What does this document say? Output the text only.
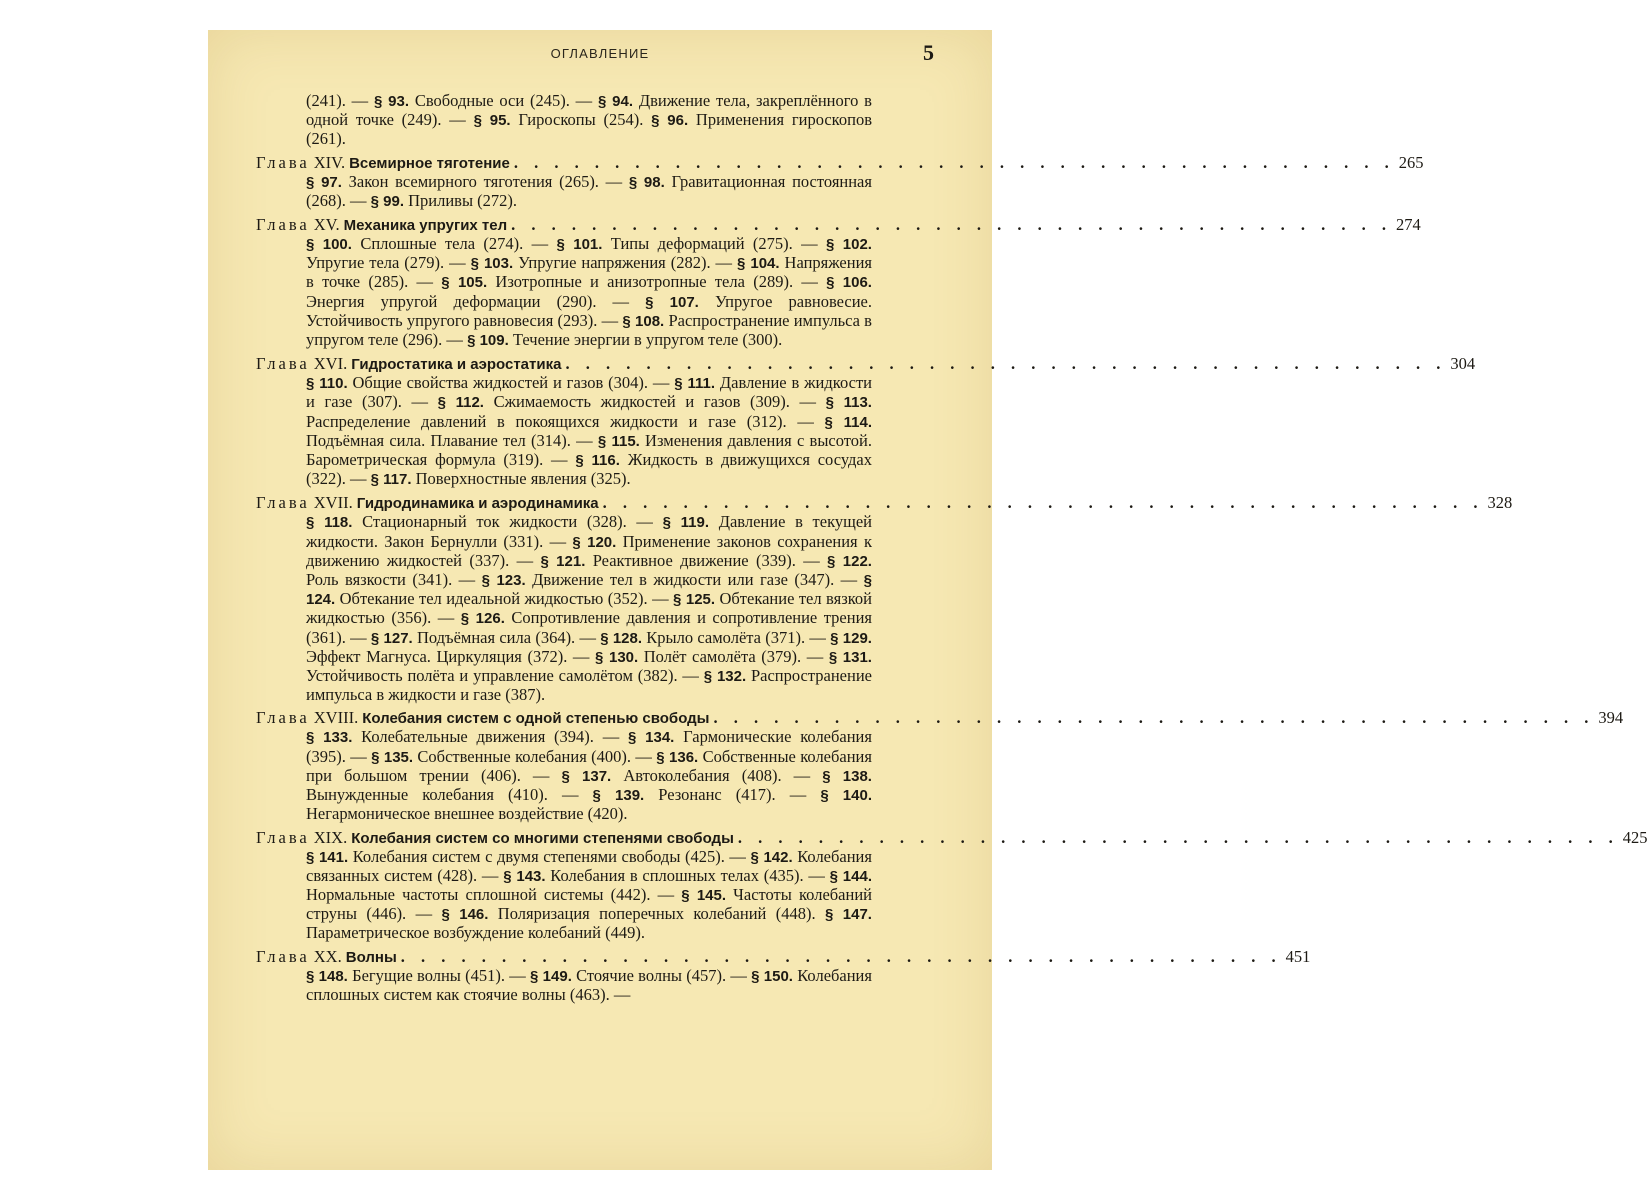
ОГЛАВЛЕНИЕ	5
(241). — § 93. Свободные оси (245). — § 94. Движение тела, закреплённого в одной точке (249). — § 95. Гироскопы (254). § 96. Применения гироскопов (261).
Глава XIV. Всемирное тяготение . . . . . . . . . . . . . . . . . . . . . . . . . . . . . . . . . . . . . . . . . . . . 265
§ 97. Закон всемирного тяготения (265). — § 98. Гравитационная постоянная (268). — § 99. Приливы (272).
Глава XV. Механика упругих тел . . . . . . . . . . . . . . . . . . . . . . . . . . . . . . . . . . . . . . . . . . . . 274
§ 100. Сплошные тела (274). — § 101. Типы деформаций (275). — § 102. Упругие тела (279). — § 103. Упругие напряжения (282). — § 104. Напряжения в точке (285). — § 105. Изотропные и анизотропные тела (289). — § 106. Энергия упругой деформации (290). — § 107. Упругое равновесие. Устойчивость упругого равновесия (293). — § 108. Распространение импульса в упругом теле (296). — § 109. Течение энергии в упругом теле (300).
Глава XVI. Гидростатика и аэростатика . . . . . . . . . . . . . . . . . . . . . . . . . . . . . . . . . . . . . . . . . . . . 304
§ 110. Общие свойства жидкостей и газов (304). — § 111. Давление в жидкости и газе (307). — § 112. Сжимаемость жидкостей и газов (309). — § 113. Распределение давлений в покоящихся жидкости и газе (312). — § 114. Подъёмная сила. Плавание тел (314). — § 115. Изменения давления с высотой. Барометрическая формула (319). — § 116. Жидкость в движущихся сосудах (322). — § 117. Поверхностные явления (325).
Глава XVII. Гидродинамика и аэродинамика . . . . . . . . . . . . . . . . . . . . . . . . . . . . . . . . . . . . . . . . . . . . 328
§ 118. Стационарный ток жидкости (328). — § 119. Давление в текущей жидкости. Закон Бернулли (331). — § 120. Применение законов сохранения к движению жидкостей (337). — § 121. Реактивное движение (339). — § 122. Роль вязкости (341). — § 123. Движение тел в жидкости или газе (347). — § 124. Обтекание тел идеальной жидкостью (352). — § 125. Обтекание тел вязкой жидкостью (356). — § 126. Сопротивление давления и сопротивление трения (361). — § 127. Подъёмная сила (364). — § 128. Крыло самолёта (371). — § 129. Эффект Магнуса. Циркуляция (372). — § 130. Полёт самолёта (379). — § 131. Устойчивость полёта и управление самолётом (382). — § 132. Распространение импульса в жидкости и газе (387).
Глава XVIII. Колебания систем с одной степенью свободы . . . . . . . . . . . . . . . . . . . . . . . . . . . . . . . . . . . . . . . . . . . . 394
§ 133. Колебательные движения (394). — § 134. Гармонические колебания (395). — § 135. Собственные колебания (400). — § 136. Собственные колебания при большом трении (406). — § 137. Автоколебания (408). — § 138. Вынужденные колебания (410). — § 139. Резонанс (417). — § 140. Негармоническое внешнее воздействие (420).
Глава XIX. Колебания систем со многими степенями свободы . . . . . . . . . . . . . . . . . . . . . . . . . . . . . . . . . . . . . . . . . . . . 425
§ 141. Колебания систем с двумя степенями свободы (425). — § 142. Колебания связанных систем (428). — § 143. Колебания в сплошных телах (435). — § 144. Нормальные частоты сплошной системы (442). — § 145. Частоты колебаний струны (446). — § 146. Поляризация поперечных колебаний (448). § 147. Параметрическое возбуждение колебаний (449).
Глава XX. Волны . . . . . . . . . . . . . . . . . . . . . . . . . . . . . . . . . . . . . . . . . . . . 451
§ 148. Бегущие волны (451). — § 149. Стоячие волны (457). — § 150. Колебания сплошных систем как стоячие волны (463). —
